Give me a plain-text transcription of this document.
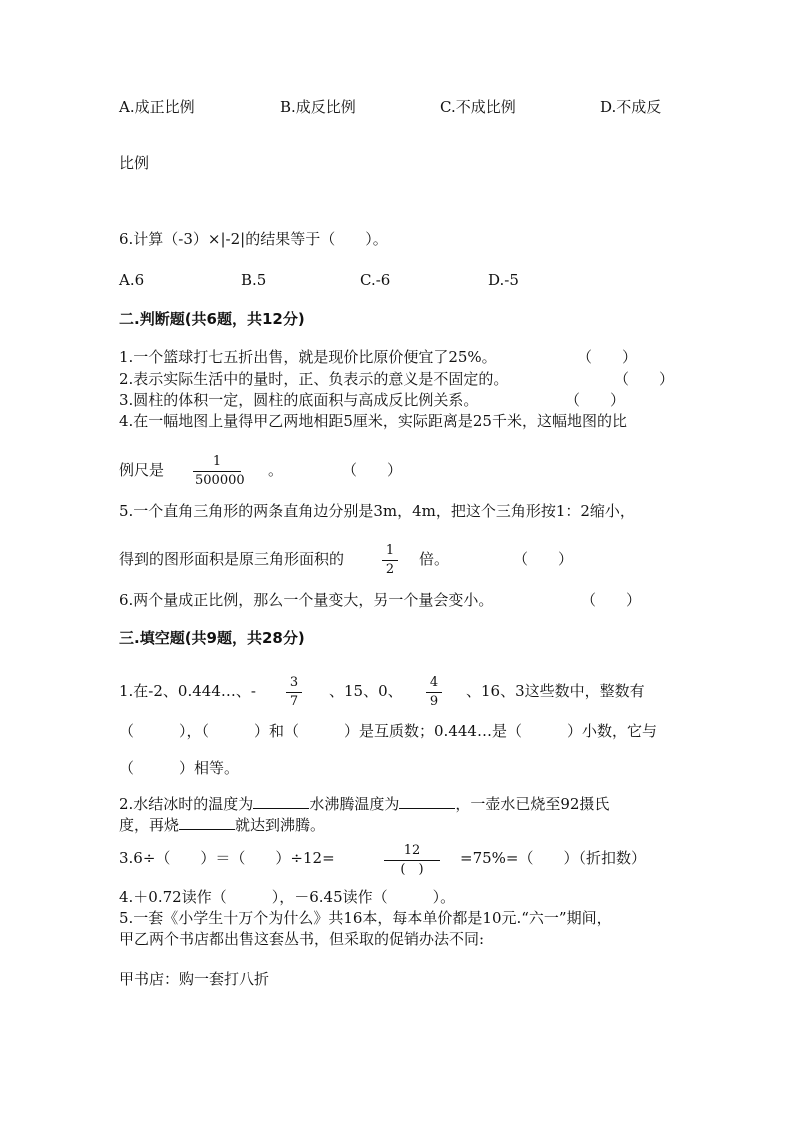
A.成正比例	B.成反比例	C.不成比例	D.不成反
比例
6.计算（-3）×|-2|的结果等于（　　）。
A.6	B.5	C.-6	D.-5
二.判断题(共6题，共12分)
1.一个篮球打七五折出售，就是现价比原价便宜了25%。	（　　）
2.表示实际生活中的量时，正、负表示的意义是不固定的。	（　　）
3.圆柱的体积一定，圆柱的底面积与高成反比例关系。	（　　）
4.在一幅地图上量得甲乙两地相距5厘米，实际距离是25千米，这幅地图的比
例尺是	1
500000
。	（　　）
5.一个直角三角形的两条直角边分别是3m，4m，把这个三角形按1：2缩小，
得到的图形面积是原三角形面积的	1
2
倍。	（　　）
6.两个量成正比例，那么一个量变大，另一个量会变小。	（　　）
三.填空题(共9题，共28分)
1.在-2、0.444…、-	3
7
、15、0、 4
9
、16、3这些数中，整数有
（　　　），（　　　）和（　　　）是互质数；0.444…是（　　　）小数，它与
（　　　）相等。
2.水结冰时的温度为	水沸腾温度为	，一壶水已烧至92摄氏
度，再烧	就达到沸腾。
3.6÷（　　）＝（　　）÷12=	12
(　)
=75%=（　　）（折扣数）
4.＋0.72读作（　　　），－6.45读作（　　　）。
5.一套《小学生十万个为什么》共16本，每本单价都是10元.“六一”期间，
甲乙两个书店都出售这套丛书，但采取的促销办法不同:
甲书店：购一套打八折
